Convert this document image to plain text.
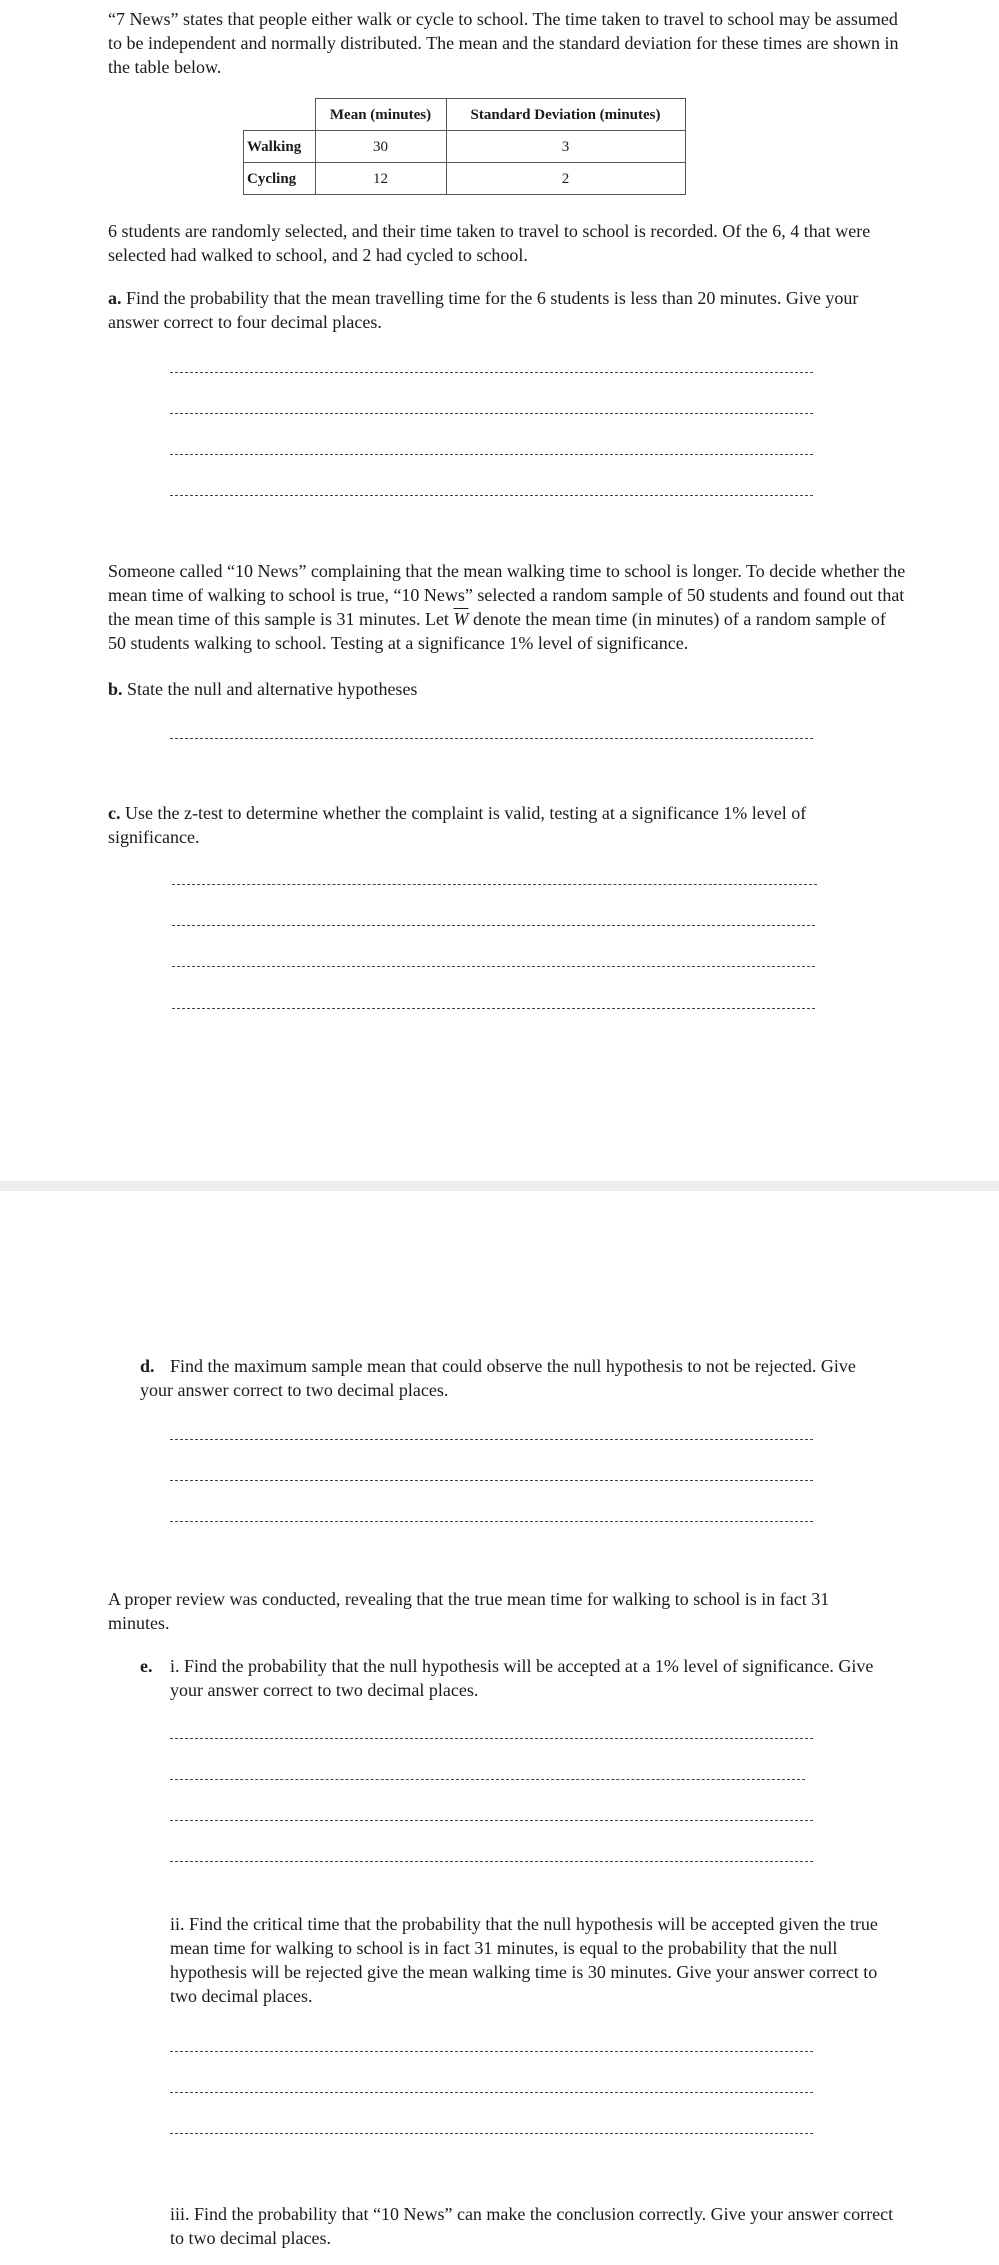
“7 News” states that people either walk or cycle to school. The time taken to travel to school may be assumed to be independent and normally distributed. The mean and the standard deviation for these times are shown in the table below.

	Mean (minutes)	Standard Deviation (minutes)
Walking	30	3
Cycling	12	2

6 students are randomly selected, and their time taken to travel to school is recorded. Of the 6, 4 that were selected had walked to school, and 2 had cycled to school.

a. Find the probability that the mean travelling time for the 6 students is less than 20 minutes. Give your answer correct to four decimal places.

Someone called “10 News” complaining that the mean walking time to school is longer. To decide whether the mean time of walking to school is true, “10 News” selected a random sample of 50 students and found out that the mean time of this sample is 31 minutes. Let $\overline{W}$ denote the mean time (in minutes) of a random sample of 50 students walking to school. Testing at a significance 1% level of significance.

b. State the null and alternative hypotheses

c. Use the z-test to determine whether the complaint is valid, testing at a significance 1% level of significance.

d. Find the maximum sample mean that could observe the null hypothesis to not be rejected. Give your answer correct to two decimal places.

A proper review was conducted, revealing that the true mean time for walking to school is in fact 31 minutes.

e. i. Find the probability that the null hypothesis will be accepted at a 1% level of significance. Give your answer correct to two decimal places.

ii. Find the critical time that the probability that the null hypothesis will be accepted given the true mean time for walking to school is in fact 31 minutes, is equal to the probability that the null hypothesis will be rejected give the mean walking time is 30 minutes. Give your answer correct to two decimal places.

iii. Find the probability that “10 News” can make the conclusion correctly. Give your answer correct to two decimal places.
